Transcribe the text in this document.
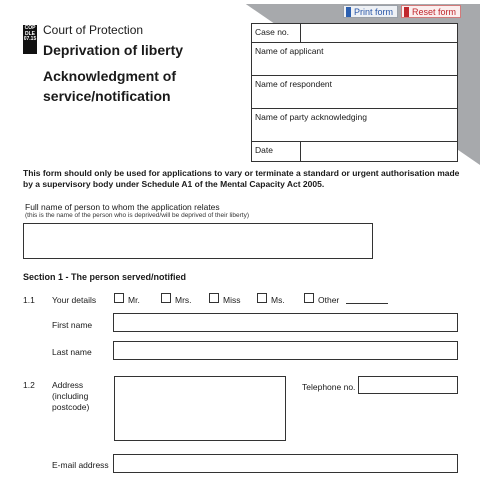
Print form	Reset form
COP
DLE
07.15
Court of Protection
Deprivation of liberty
Acknowledgment of service/notification
Case no.
Name of applicant
Name of respondent
Name of party acknowledging
Date
This form should only be used for applications to vary or terminate a standard or urgent authorisation made by a supervisory body under Schedule A1 of the Mental Capacity Act 2005.
Full name of person to whom the application relates
(this is the name of the person who is deprived/will be deprived of their liberty)
Section 1 - The person served/notified
1.1 Your details	Mr.	Mrs.	Miss	Ms.	Other
First name
Last name
1.2 Address (including postcode)
Telephone no.
E-mail address
